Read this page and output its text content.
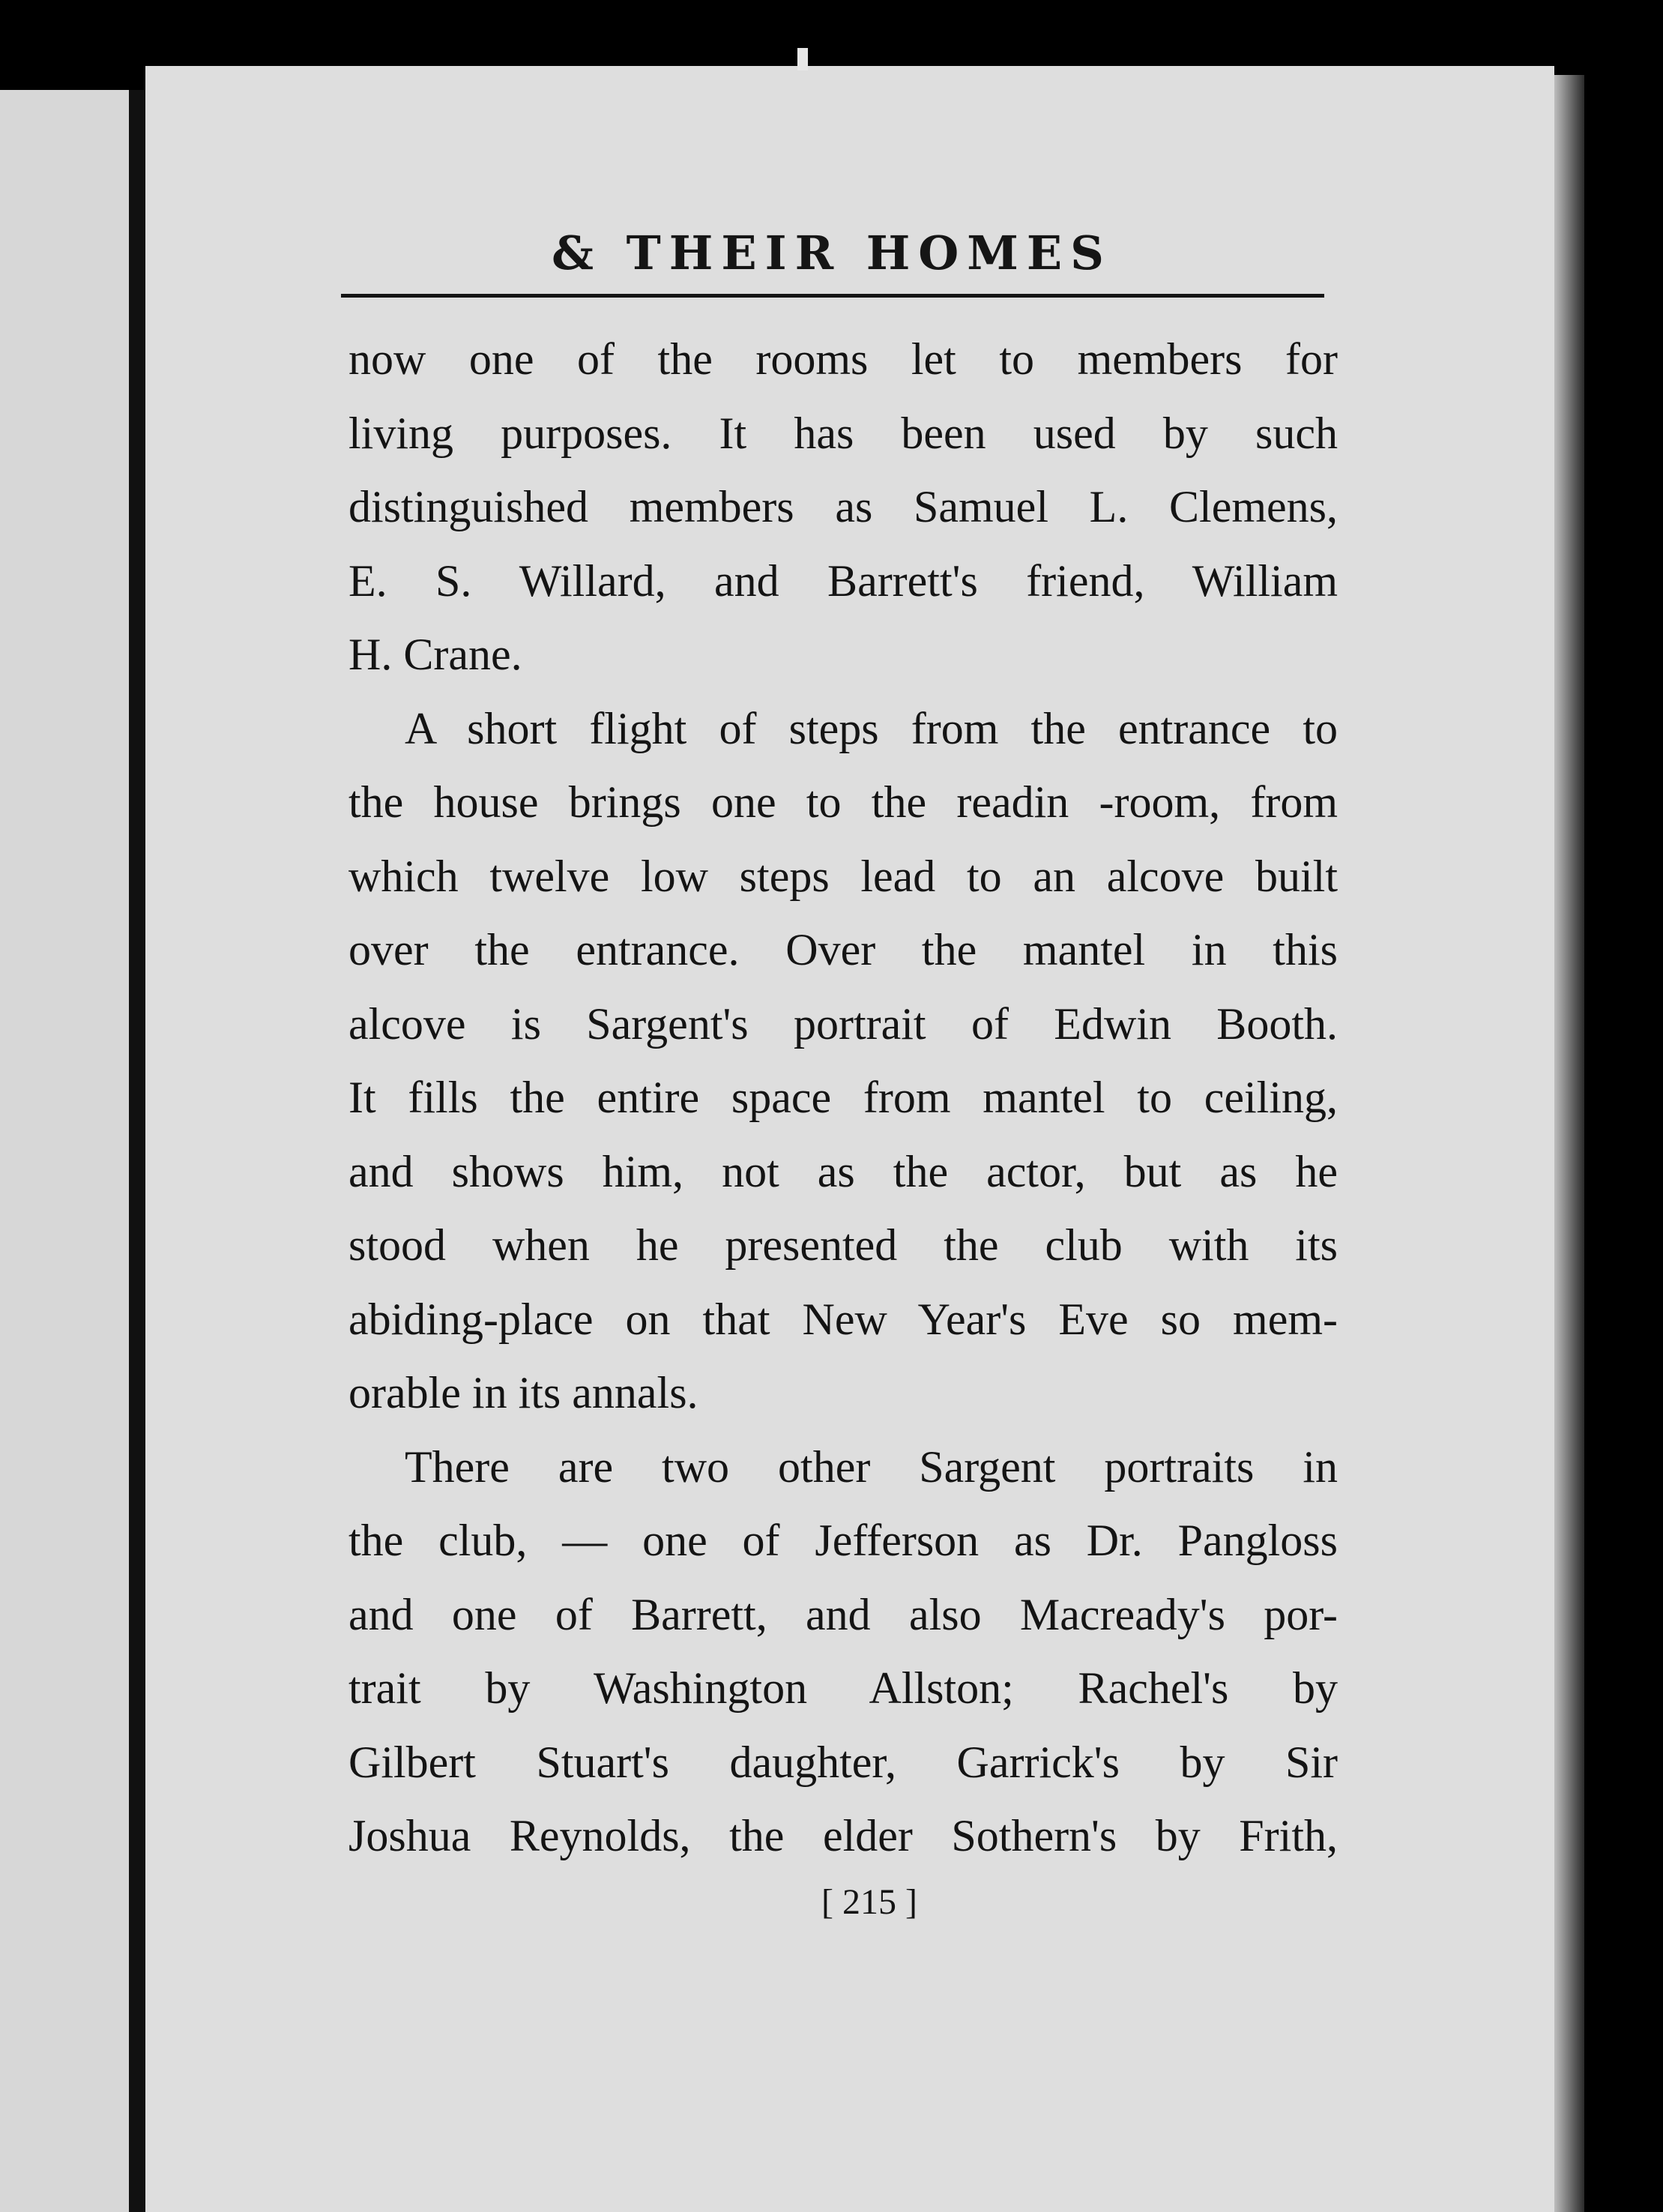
& THEIR HOMES
now one of the rooms let to members for
living purposes. It has been used by such
distinguished members as Samuel L. Clemens,
E. S. Willard, and Barrett's friend, William
H. Crane.
A short flight of steps from the entrance to
the house brings one to the readin -room, from
which twelve low steps lead to an alcove built
over the entrance. Over the mantel in this
alcove is Sargent's portrait of Edwin Booth.
It fills the entire space from mantel to ceiling,
and shows him, not as the actor, but as he
stood when he presented the club with its
abiding-place on that New Year's Eve so mem-
orable in its annals.
There are two other Sargent portraits in
the club, — one of Jefferson as Dr. Pangloss
and one of Barrett, and also Macready's por-
trait by Washington Allston; Rachel's by
Gilbert Stuart's daughter, Garrick's by Sir
Joshua Reynolds, the elder Sothern's by Frith,
[ 215 ]
